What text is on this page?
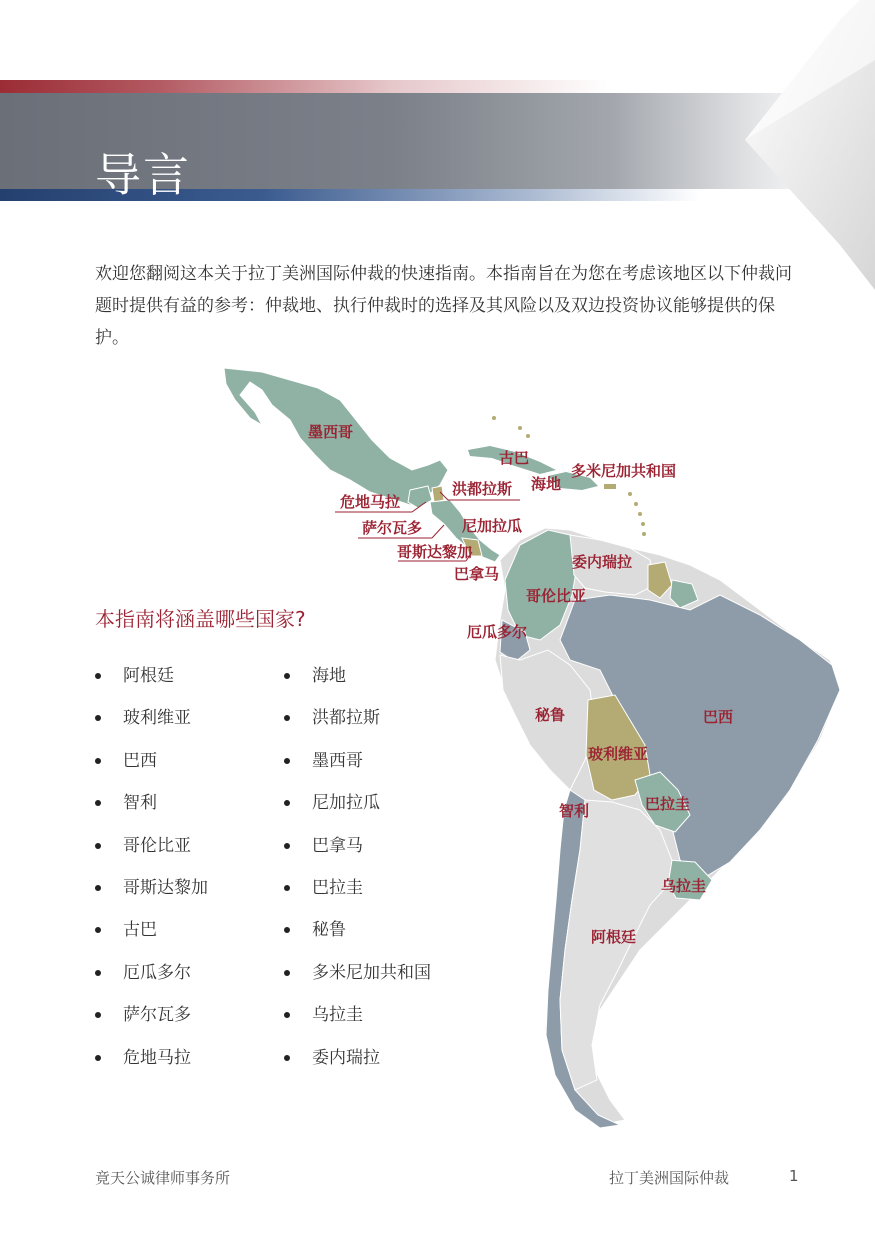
导言

欢迎您翻阅这本关于拉丁美洲国际仲裁的快速指南。本指南旨在为您在考虑该地区以下仲裁问题时提供有益的参考：仲裁地、执行仲裁时的选择及其风险以及双边投资协议能够提供的保护。

墨西哥
古巴
多米尼加共和国
海地
洪都拉斯
危地马拉
萨尔瓦多	尼加拉瓜
哥斯达黎加
巴拿马
委内瑞拉
哥伦比亚
厄瓜多尔
秘鲁	巴西
玻利维亚
巴拉圭
智利
乌拉圭
阿根廷
本指南将涵盖哪些国家?
阿根廷
玻利维亚
巴西
智利
哥伦比亚
哥斯达黎加
古巴
厄瓜多尔
萨尔瓦多
危地马拉
海地
洪都拉斯
墨西哥
尼加拉瓜
巴拿马
巴拉圭
秘鲁
多米尼加共和国
乌拉圭
委内瑞拉
竟天公诚律师事务所	拉丁美洲国际仲裁	1
